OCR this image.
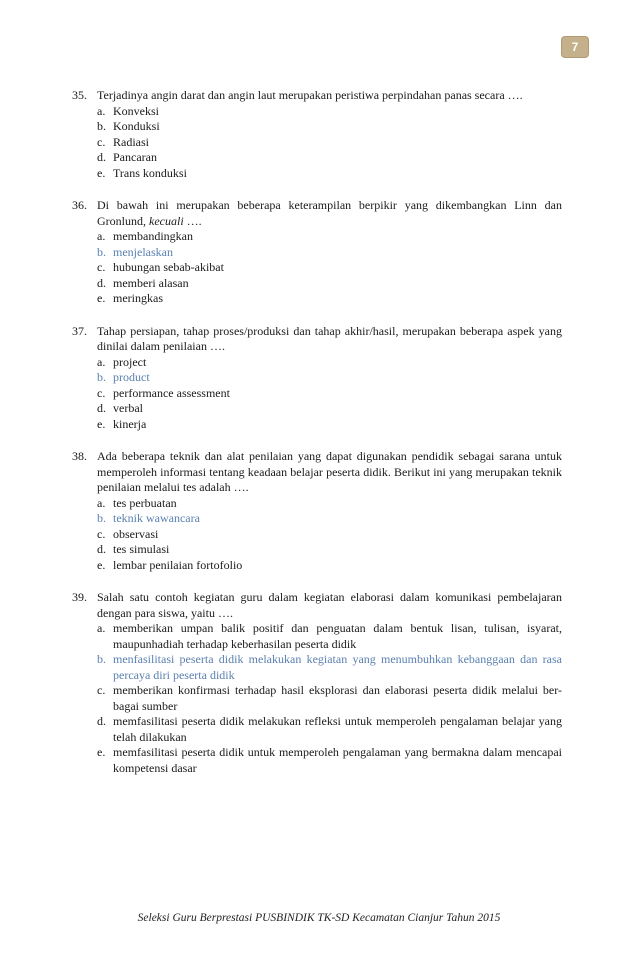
7
35. Terjadinya angin darat dan angin laut merupakan peristiwa perpindahan panas secara ….
a. Konveksi
b. Konduksi
c. Radiasi
d. Pancaran
e. Trans konduksi
36. Di bawah ini merupakan beberapa keterampilan berpikir yang dikembangkan Linn dan Gronlund, kecuali ….
a. membandingkan
b. menjelaskan
c. hubungan sebab-akibat
d. memberi alasan
e. meringkas
37. Tahap persiapan, tahap proses/produksi dan tahap akhir/hasil, merupakan beberapa aspek yang dinilai dalam penilaian ….
a. project
b. product
c. performance assessment
d. verbal
e. kinerja
38. Ada beberapa teknik dan alat penilaian yang dapat digunakan pendidik sebagai sarana untuk memperoleh informasi tentang keadaan belajar peserta didik. Berikut ini yang merupakan teknik penilaian melalui tes adalah ….
a. tes perbuatan
b. teknik wawancara
c. observasi
d. tes simulasi
e. lembar penilaian fortofolio
39. Salah satu contoh kegiatan guru dalam kegiatan elaborasi dalam komunikasi pembelajaran dengan para siswa, yaitu ….
a. memberikan umpan balik positif dan penguatan dalam bentuk lisan, tulisan, isyarat, maupunhadiah terhadap keberhasilan peserta didik
b. menfasilitasi peserta didik melakukan kegiatan yang menumbuhkan kebanggaan dan rasa percaya diri peserta didik
c. memberikan konfirmasi terhadap hasil eksplorasi dan elaborasi peserta didik melalui ber-bagai sumber
d. memfasilitasi peserta didik melakukan refleksi untuk memperoleh pengalaman belajar yang telah dilakukan
e. memfasilitasi peserta didik untuk memperoleh pengalaman yang bermakna dalam mencapai kompetensi dasar
Seleksi Guru Berprestasi PUSBINDIK TK-SD Kecamatan Cianjur Tahun 2015
